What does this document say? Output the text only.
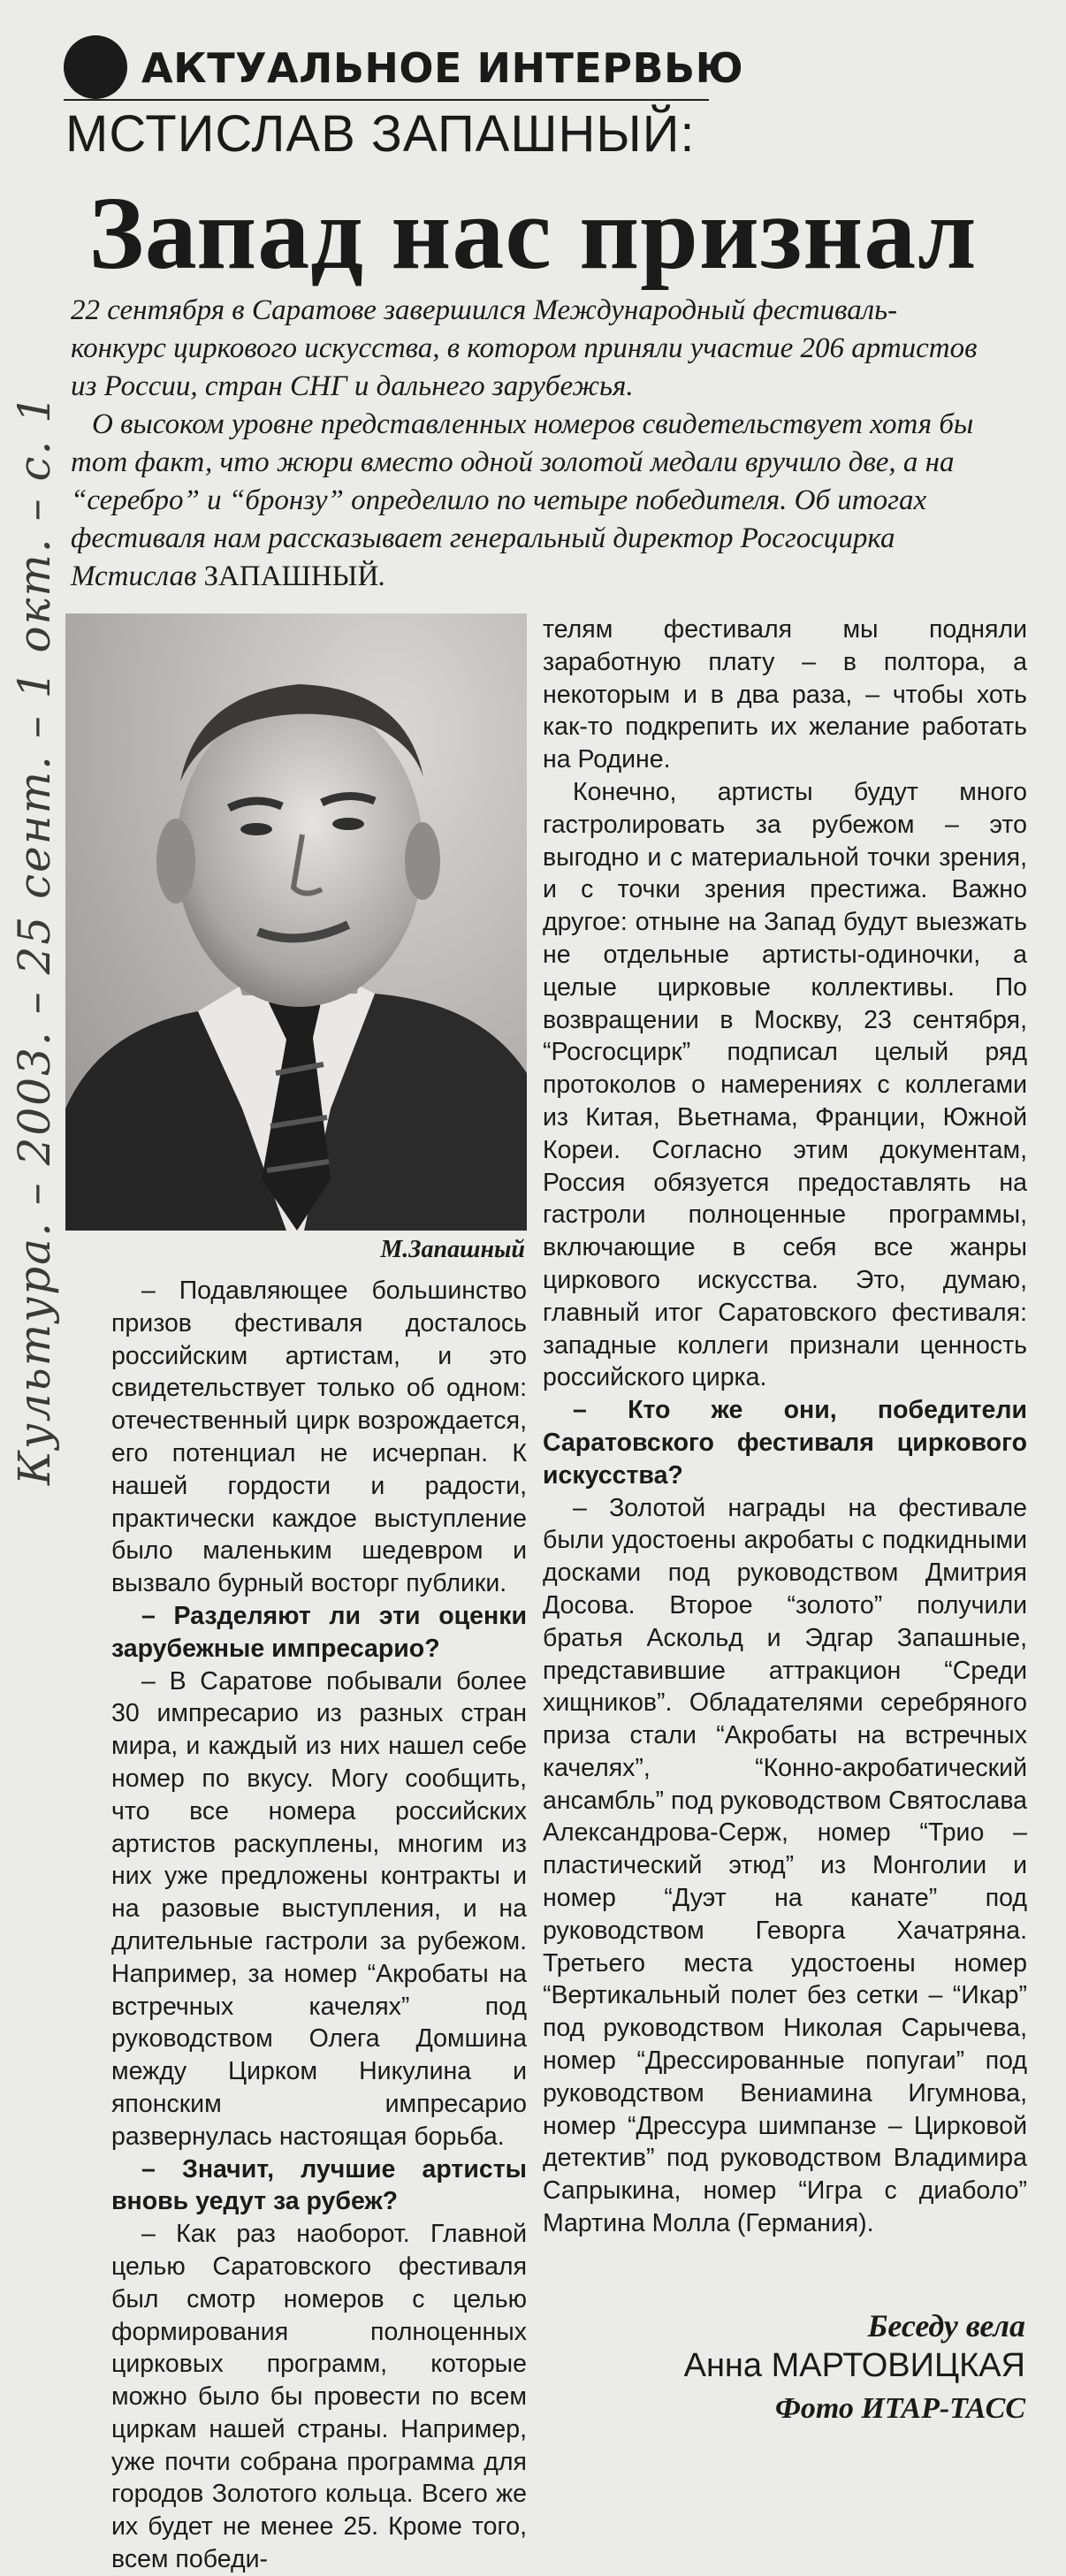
АКТУАЛЬНОЕ ИНТЕРВЬЮ
МСТИСЛАВ ЗАПАШНЫЙ:
Запад нас признал

22 сентября в Саратове завершился Международный фестиваль-конкурс циркового искусства, в котором приняли участие 206 артистов из России, стран СНГ и дальнего зарубежья.

О высоком уровне представленных номеров свидетельствует хотя бы тот факт, что жюри вместо одной золотой медали вручило две, а на “серебро” и “бронзу” определило по четыре победителя. Об итогах фестиваля нам рассказывает генеральный директор Росгосцирка Мстислав ЗАПАШНЫЙ.

М.Запашный

– Подавляющее большинство призов фестиваля досталось российским артистам, и это свидетельствует только об одном: отечественный цирк возрождается, его потенциал не исчерпан. К нашей гордости и радости, практически каждое выступление было маленьким шедевром и вызвало бурный восторг публики.

– Разделяют ли эти оценки зарубежные импресарио?

– В Саратове побывали более 30 импресарио из разных стран мира, и каждый из них нашел себе номер по вкусу. Могу сообщить, что все номера российских артистов раскуплены, многим из них уже предложены контракты и на разовые выступления, и на длительные гастроли за рубежом. Например, за номер “Акробаты на встречных качелях” под руководством Олега Домшина между Цирком Никулина и японским импресарио развернулась настоящая борьба.

– Значит, лучшие артисты вновь уедут за рубеж?

– Как раз наоборот. Главной целью Саратовского фестиваля был смотр номеров с целью формирования полноценных цирковых программ, которые можно было бы провести по всем циркам нашей страны. Например, уже почти собрана программа для городов Золотого кольца. Всего же их будет не менее 25. Кроме того, всем победи-

телям фестиваля мы подняли заработную плату – в полтора, а некоторым и в два раза, – чтобы хоть как-то подкрепить их желание работать на Родине.

Конечно, артисты будут много гастролировать за рубежом – это выгодно и с материальной точки зрения, и с точки зрения престижа. Важно другое: отныне на Запад будут выезжать не отдельные артисты-одиночки, а целые цирковые коллективы. По возвращении в Москву, 23 сентября, “Росгосцирк” подписал целый ряд протоколов о намерениях с коллегами из Китая, Вьетнама, Франции, Южной Кореи. Согласно этим документам, Россия обязуется предоставлять на гастроли полноценные программы, включающие в себя все жанры циркового искусства. Это, думаю, главный итог Саратовского фестиваля: западные коллеги признали ценность российского цирка.

– Кто же они, победители Саратовского фестиваля циркового искусства?

– Золотой награды на фестивале были удостоены акробаты с подкидными досками под руководством Дмитрия Досова. Второе “золото” получили братья Аскольд и Эдгар Запашные, представившие аттракцион “Среди хищников”. Обладателями серебряного приза стали “Акробаты на встречных качелях”, “Конно-акробатический ансамбль” под руководством Святослава Александрова-Серж, номер “Трио – пластический этюд” из Монголии и номер “Дуэт на канате” под руководством Геворга Хачатряна. Третьего места удостоены номер “Вертикальный полет без сетки – “Икар” под руководством Николая Сарычева, номер “Дрессированные попугаи” под руководством Вениамина Игумнова, номер “Дрессура шимпанзе – Цирковой детектив” под руководством Владимира Сапрыкина, номер “Игра с диаболо” Мартина Молла (Германия).

Культура. – 2003. – 25 сент. – 1 окт. – с. 1
Беседу вела
Анна МАРТОВИЦКАЯ
Фото ИТАР-ТАСС
